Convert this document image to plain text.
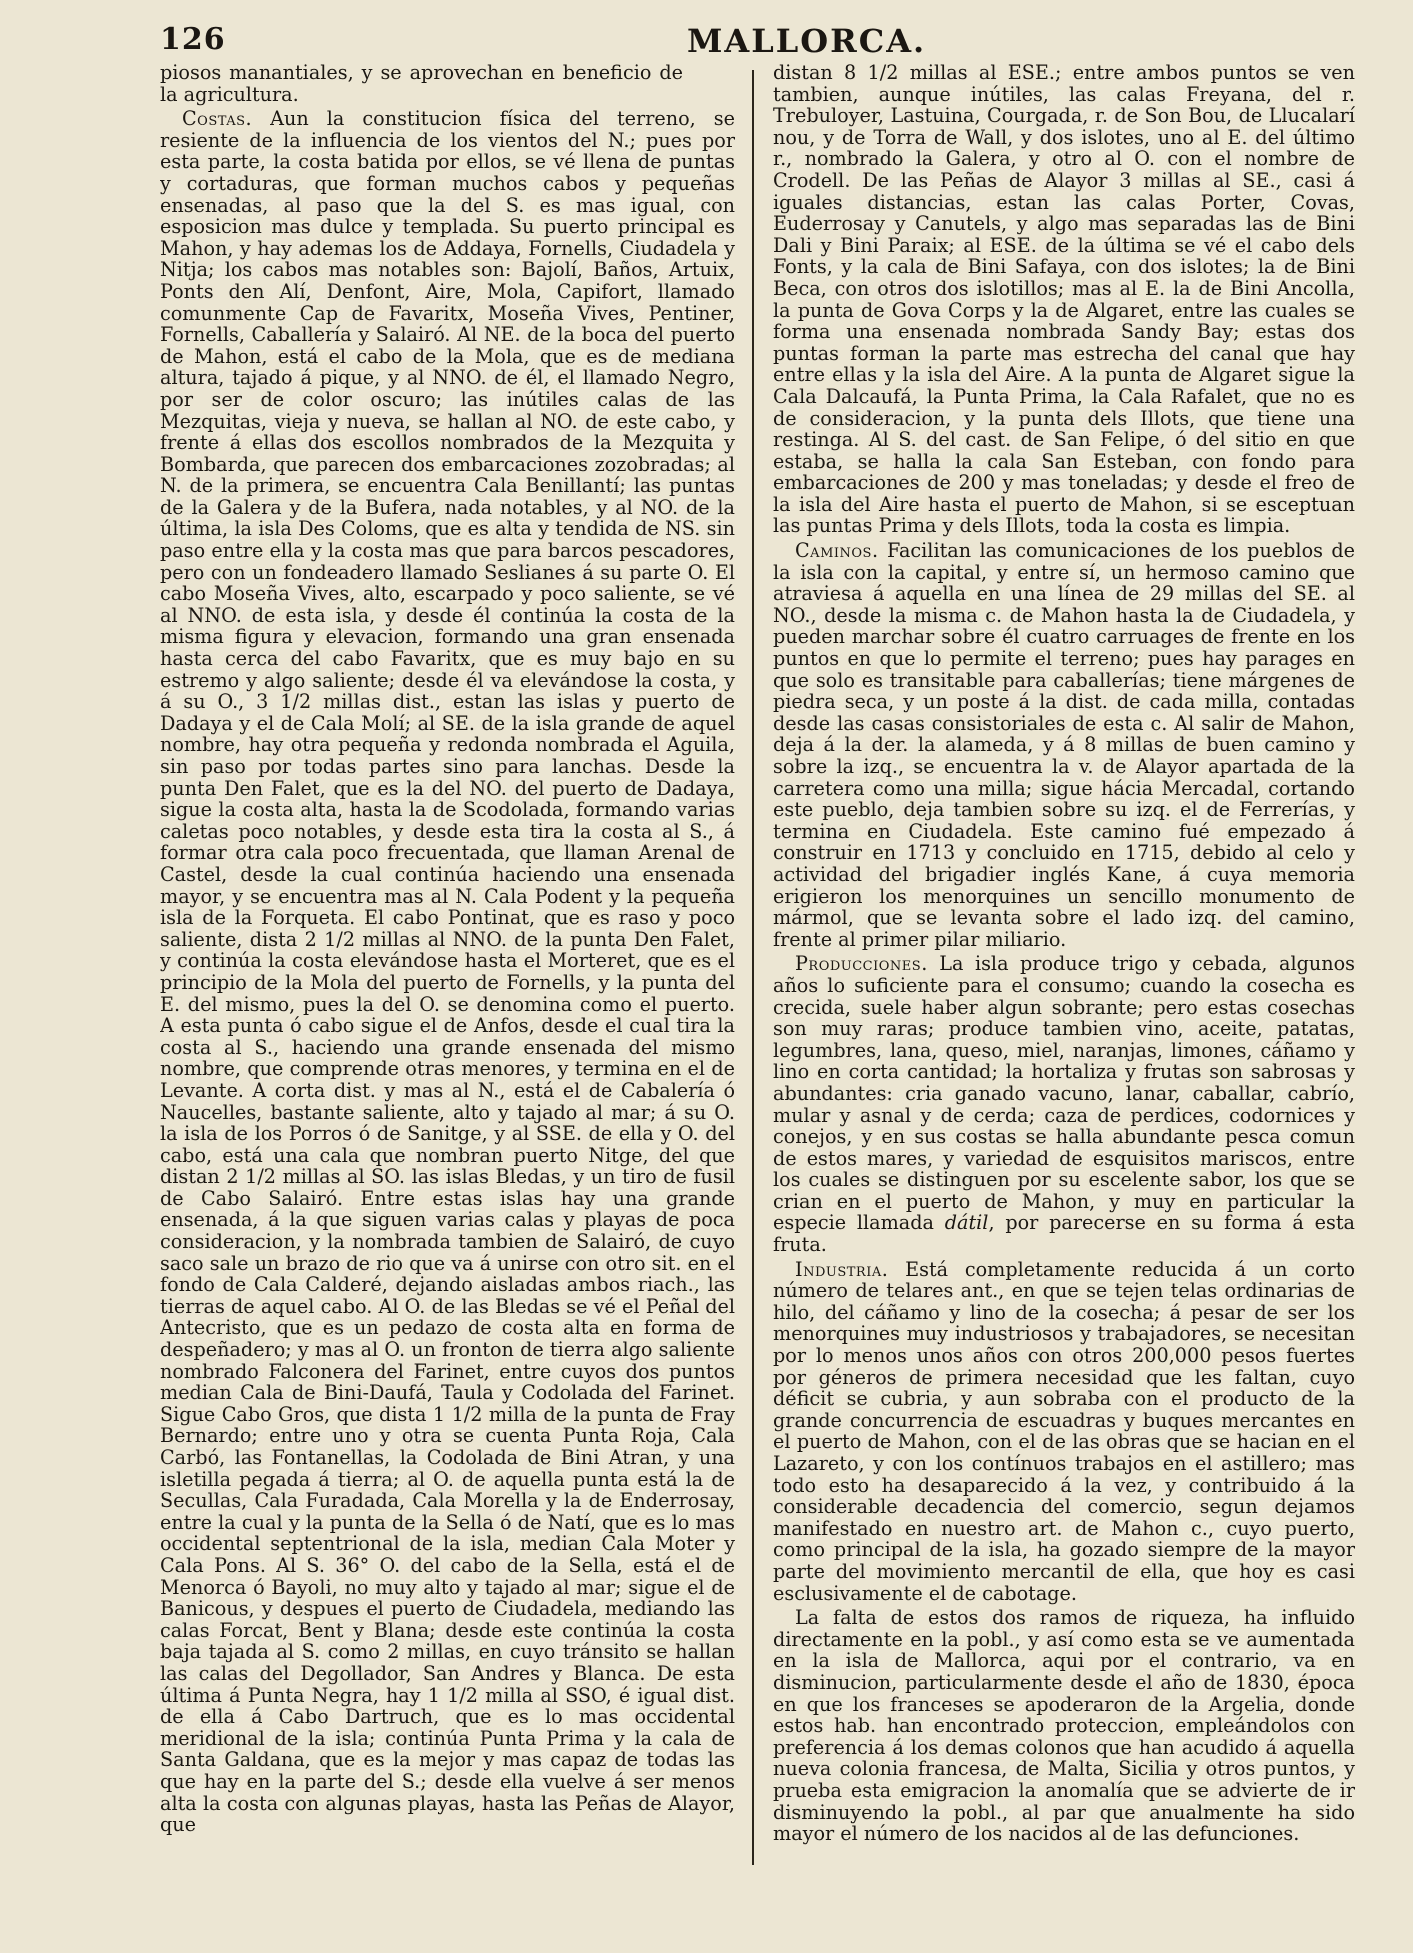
126	MALLORCA.

piosos manantiales, y se aprovechan en beneficio de la agricultura.

Costas. Aun la constitucion física del terreno, se resiente de la influencia de los vientos del N.; pues por esta parte, la costa batida por ellos, se vé llena de puntas y cortaduras, que forman muchos cabos y pequeñas ensenadas, al paso que la del S. es mas igual, con esposicion mas dulce y templada. Su puerto principal es Mahon, y hay ademas los de Addaya, Fornells, Ciudadela y Nitja; los cabos mas notables son: Bajolí, Baños, Artuix, Ponts den Alí, Denfont, Aire, Mola, Capifort, llamado comunmente Cap de Favaritx, Moseña Vives, Pentiner, Fornells, Caballería y Salairó. Al NE. de la boca del puerto de Mahon, está el cabo de la Mola, que es de mediana altura, tajado á pique, y al NNO. de él, el llamado Negro, por ser de color oscuro; las inútiles calas de las Mezquitas, vieja y nueva, se hallan al NO. de este cabo, y frente á ellas dos escollos nombrados de la Mezquita y Bombarda, que parecen dos embarcaciones zozobradas; al N. de la primera, se encuentra Cala Benillantí; las puntas de la Galera y de la Bufera, nada notables, y al NO. de la última, la isla Des Coloms, que es alta y tendida de NS. sin paso entre ella y la costa mas que para barcos pescadores, pero con un fondeadero llamado Seslianes á su parte O. El cabo Moseña Vives, alto, escarpado y poco saliente, se vé al NNO. de esta isla, y desde él continúa la costa de la misma figura y elevacion, formando una gran ensenada hasta cerca del cabo Favaritx, que es muy bajo en su estremo y algo saliente; desde él va elevándose la costa, y á su O., 3 1/2 millas dist., estan las islas y puerto de Dadaya y el de Cala Molí; al SE. de la isla grande de aquel nombre, hay otra pequeña y redonda nombrada el Aguila, sin paso por todas partes sino para lanchas. Desde la punta Den Falet, que es la del NO. del puerto de Dadaya, sigue la costa alta, hasta la de Scodolada, formando varias caletas poco notables, y desde esta tira la costa al S., á formar otra cala poco frecuentada, que llaman Arenal de Castel, desde la cual continúa haciendo una ensenada mayor, y se encuentra mas al N. Cala Podent y la pequeña isla de la Forqueta. El cabo Pontinat, que es raso y poco saliente, dista 2 1/2 millas al NNO. de la punta Den Falet, y continúa la costa elevándose hasta el Morteret, que es el principio de la Mola del puerto de Fornells, y la punta del E. del mismo, pues la del O. se denomina como el puerto. A esta punta ó cabo sigue el de Anfos, desde el cual tira la costa al S., haciendo una grande ensenada del mismo nombre, que comprende otras menores, y termina en el de Levante. A corta dist. y mas al N., está el de Cabalería ó Naucelles, bastante saliente, alto y tajado al mar; á su O. la isla de los Porros ó de Sanitge, y al SSE. de ella y O. del cabo, está una cala que nombran puerto Nitge, del que distan 2 1/2 millas al SO. las islas Bledas, y un tiro de fusil de Cabo Salairó. Entre estas islas hay una grande ensenada, á la que siguen varias calas y playas de poca consideracion, y la nombrada tambien de Salairó, de cuyo saco sale un brazo de rio que va á unirse con otro sit. en el fondo de Cala Calderé, dejando aisladas ambos riach., las tierras de aquel cabo. Al O. de las Bledas se vé el Peñal del Antecristo, que es un pedazo de costa alta en forma de despeñadero; y mas al O. un fronton de tierra algo saliente nombrado Falconera del Farinet, entre cuyos dos puntos median Cala de Bini-Daufá, Taula y Codolada del Farinet. Sigue Cabo Gros, que dista 1 1/2 milla de la punta de Fray Bernardo; entre uno y otra se cuenta Punta Roja, Cala Carbó, las Fontanellas, la Codolada de Bini Atran, y una isletilla pegada á tierra; al O. de aquella punta está la de Secullas, Cala Furadada, Cala Morella y la de Enderrosay, entre la cual y la punta de la Sella ó de Natí, que es lo mas occidental septentrional de la isla, median Cala Moter y Cala Pons. Al S. 36° O. del cabo de la Sella, está el de Menorca ó Bayoli, no muy alto y tajado al mar; sigue el de Banicous, y despues el puerto de Ciudadela, mediando las calas Forcat, Bent y Blana; desde este continúa la costa baja tajada al S. como 2 millas, en cuyo tránsito se hallan las calas del Degollador, San Andres y Blanca. De esta última á Punta Negra, hay 1 1/2 milla al SSO, é igual dist. de ella á Cabo Dartruch, que es lo mas occidental meridional de la isla; continúa Punta Prima y la cala de Santa Galdana, que es la mejor y mas capaz de todas las que hay en la parte del S.; desde ella vuelve á ser menos alta la costa con algunas playas, hasta las Peñas de Alayor, que

distan 8 1/2 millas al ESE.; entre ambos puntos se ven tambien, aunque inútiles, las calas Freyana, del r. Trebuloyer, Lastuina, Courgada, r. de Son Bou, de Llucalarí nou, y de Torra de Wall, y dos islotes, uno al E. del último r., nombrado la Galera, y otro al O. con el nombre de Crodell. De las Peñas de Alayor 3 millas al SE., casi á iguales distancias, estan las calas Porter, Covas, Euderrosay y Canutels, y algo mas separadas las de Bini Dali y Bini Paraix; al ESE. de la última se vé el cabo dels Fonts, y la cala de Bini Safaya, con dos islotes; la de Bini Beca, con otros dos islotillos; mas al E. la de Bini Ancolla, la punta de Gova Corps y la de Algaret, entre las cuales se forma una ensenada nombrada Sandy Bay; estas dos puntas forman la parte mas estrecha del canal que hay entre ellas y la isla del Aire. A la punta de Algaret sigue la Cala Dalcaufá, la Punta Prima, la Cala Rafalet, que no es de consideracion, y la punta dels Illots, que tiene una restinga. Al S. del cast. de San Felipe, ó del sitio en que estaba, se halla la cala San Esteban, con fondo para embarcaciones de 200 y mas toneladas; y desde el freo de la isla del Aire hasta el puerto de Mahon, si se esceptuan las puntas Prima y dels Illots, toda la costa es limpia.

Caminos. Facilitan las comunicaciones de los pueblos de la isla con la capital, y entre sí, un hermoso camino que atraviesa á aquella en una línea de 29 millas del SE. al NO., desde la misma c. de Mahon hasta la de Ciudadela, y pueden marchar sobre él cuatro carruages de frente en los puntos en que lo permite el terreno; pues hay parages en que solo es transitable para caballerías; tiene márgenes de piedra seca, y un poste á la dist. de cada milla, contadas desde las casas consistoriales de esta c. Al salir de Mahon, deja á la der. la alameda, y á 8 millas de buen camino y sobre la izq., se encuentra la v. de Alayor apartada de la carretera como una milla; sigue hácia Mercadal, cortando este pueblo, deja tambien sobre su izq. el de Ferrerías, y termina en Ciudadela. Este camino fué empezado á construir en 1713 y concluido en 1715, debido al celo y actividad del brigadier inglés Kane, á cuya memoria erigieron los menorquines un sencillo monumento de mármol, que se levanta sobre el lado izq. del camino, frente al primer pilar miliario.

Producciones. La isla produce trigo y cebada, algunos años lo suficiente para el consumo; cuando la cosecha es crecida, suele haber algun sobrante; pero estas cosechas son muy raras; produce tambien vino, aceite, patatas, legumbres, lana, queso, miel, naranjas, limones, cáñamo y lino en corta cantidad; la hortaliza y frutas son sabrosas y abundantes: cria ganado vacuno, lanar, caballar, cabrío, mular y asnal y de cerda; caza de perdices, codornices y conejos, y en sus costas se halla abundante pesca comun de estos mares, y variedad de esquisitos mariscos, entre los cuales se distinguen por su escelente sabor, los que se crian en el puerto de Mahon, y muy en particular la especie llamada dátil, por parecerse en su forma á esta fruta.

Industria. Está completamente reducida á un corto número de telares ant., en que se tejen telas ordinarias de hilo, del cáñamo y lino de la cosecha; á pesar de ser los menorquines muy industriosos y trabajadores, se necesitan por lo menos unos años con otros 200,000 pesos fuertes por géneros de primera necesidad que les faltan, cuyo déficit se cubria, y aun sobraba con el producto de la grande concurrencia de escuadras y buques mercantes en el puerto de Mahon, con el de las obras que se hacian en el Lazareto, y con los contínuos trabajos en el astillero; mas todo esto ha desaparecido á la vez, y contribuido á la considerable decadencia del comercio, segun dejamos manifestado en nuestro art. de Mahon c., cuyo puerto, como principal de la isla, ha gozado siempre de la mayor parte del movimiento mercantil de ella, que hoy es casi esclusivamente el de cabotage.

La falta de estos dos ramos de riqueza, ha influido directamente en la pobl., y así como esta se ve aumentada en la isla de Mallorca, aqui por el contrario, va en disminucion, particularmente desde el año de 1830, época en que los franceses se apoderaron de la Argelia, donde estos hab. han encontrado proteccion, empleándolos con preferencia á los demas colonos que han acudido á aquella nueva colonia francesa, de Malta, Sicilia y otros puntos, y prueba esta emigracion la anomalía que se advierte de ir disminuyendo la pobl., al par que anualmente ha sido mayor el número de los nacidos al de las defunciones.
